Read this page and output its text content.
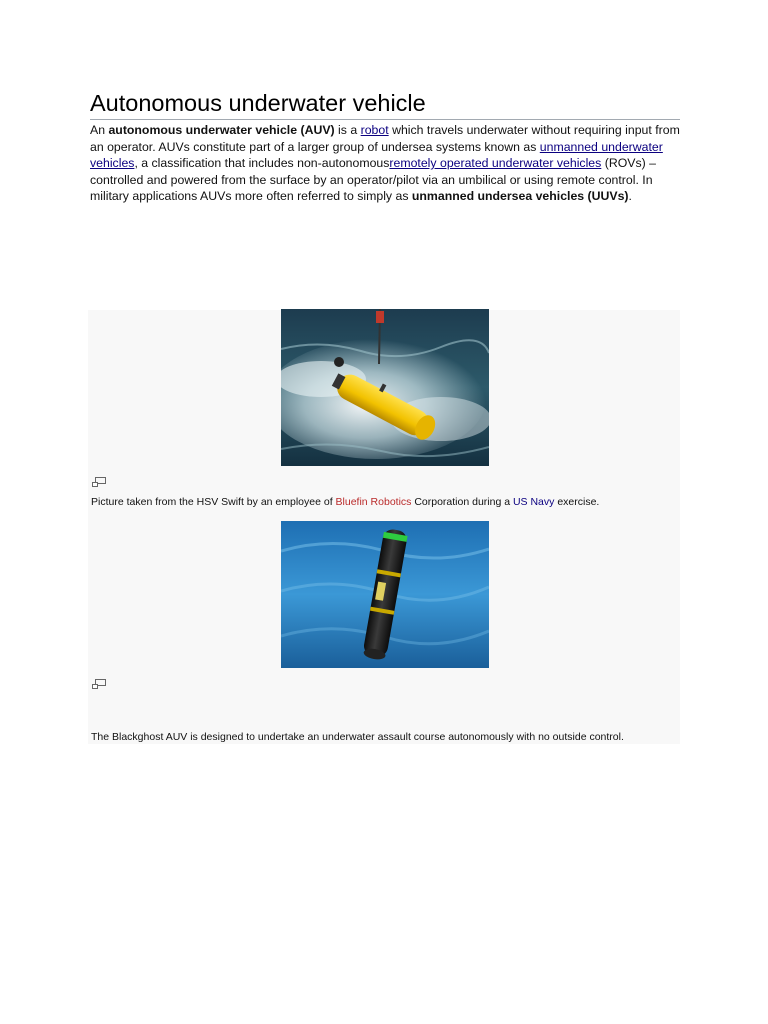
Autonomous underwater vehicle

An autonomous underwater vehicle (AUV) is a robot which travels underwater without requiring input from an operator. AUVs constitute part of a larger group of undersea systems known as unmanned underwater vehicles, a classification that includes non-autonomousremotely operated underwater vehicles (ROVs) – controlled and powered from the surface by an operator/pilot via an umbilical or using remote control. In military applications AUVs more often referred to simply as unmanned undersea vehicles (UUVs).

Picture taken from the HSV Swift by an employee of Bluefin Robotics Corporation during a US Navy exercise.
The Blackghost AUV is designed to undertake an underwater assault course autonomously with no outside control.
